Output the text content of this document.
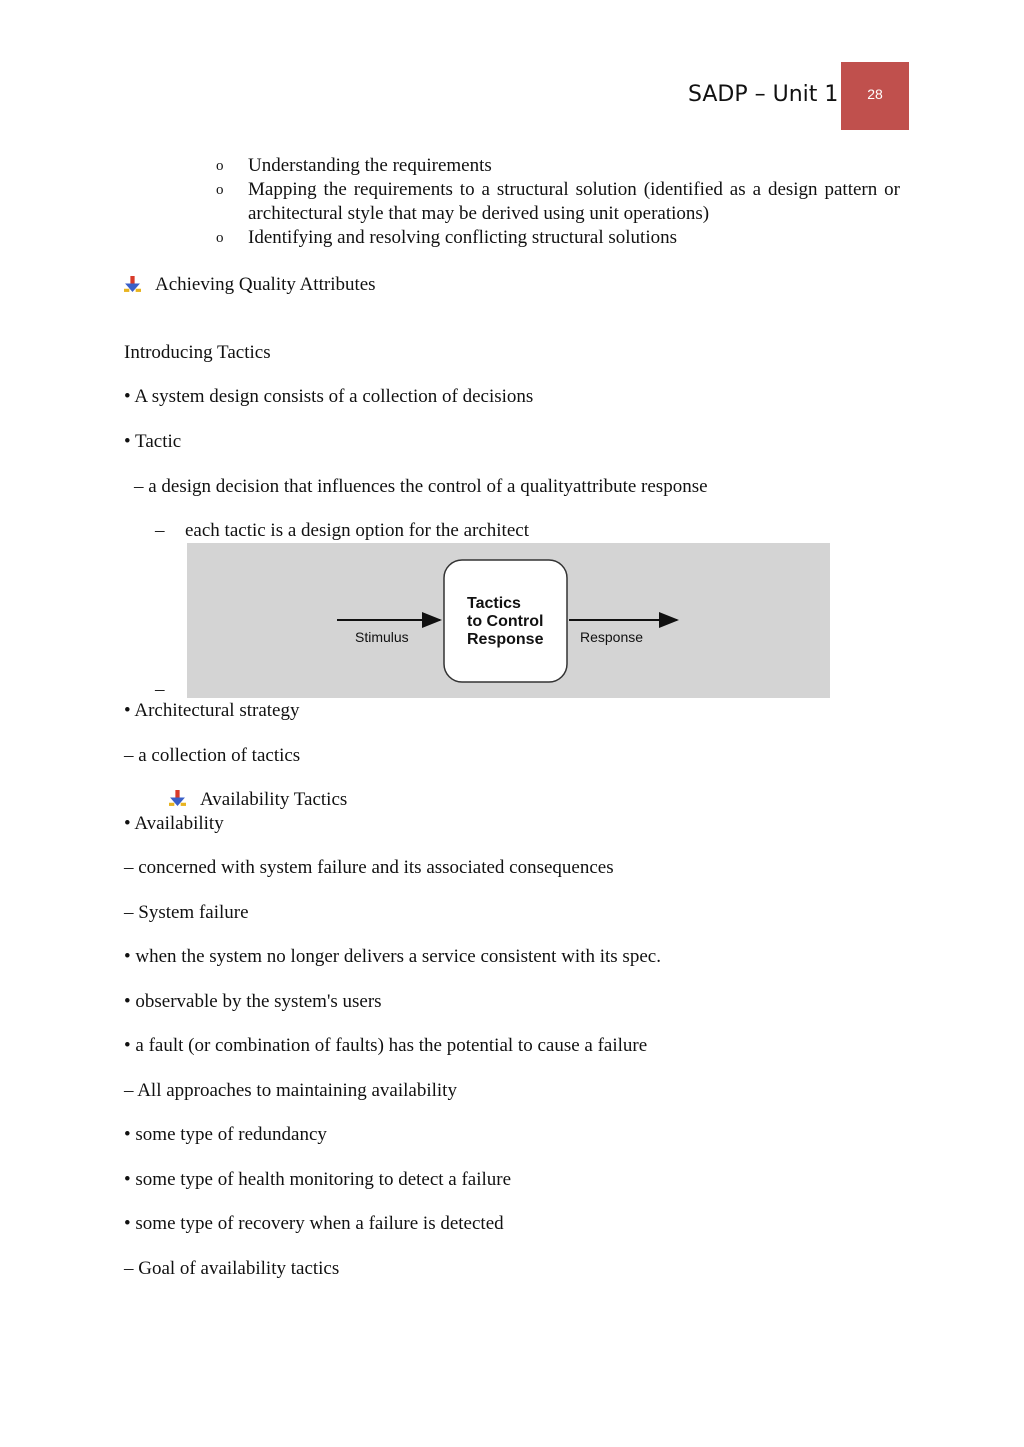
SADP – Unit 1	28
o Understanding the requirements
o Mapping the requirements to a structural solution (identified as a design pattern or architectural style that may be derived using unit operations)
o Identifying and resolving conflicting structural solutions
Achieving Quality Attributes
Introducing Tactics
• A system design consists of a collection of decisions
• Tactic
– a design decision that influences the control of a qualityattribute response
– each tactic is a design option for the architect
Tactics
to Control
Response
Stimulus	Response
–
• Architectural strategy
– a collection of tactics
Availability Tactics
• Availability
– concerned with system failure and its associated consequences
– System failure
• when the system no longer delivers a service consistent with its spec.
• observable by the system's users
• a fault (or combination of faults) has the potential to cause a failure
– All approaches to maintaining availability
• some type of redundancy
• some type of health monitoring to detect a failure
• some type of recovery when a failure is detected
– Goal of availability tactics
